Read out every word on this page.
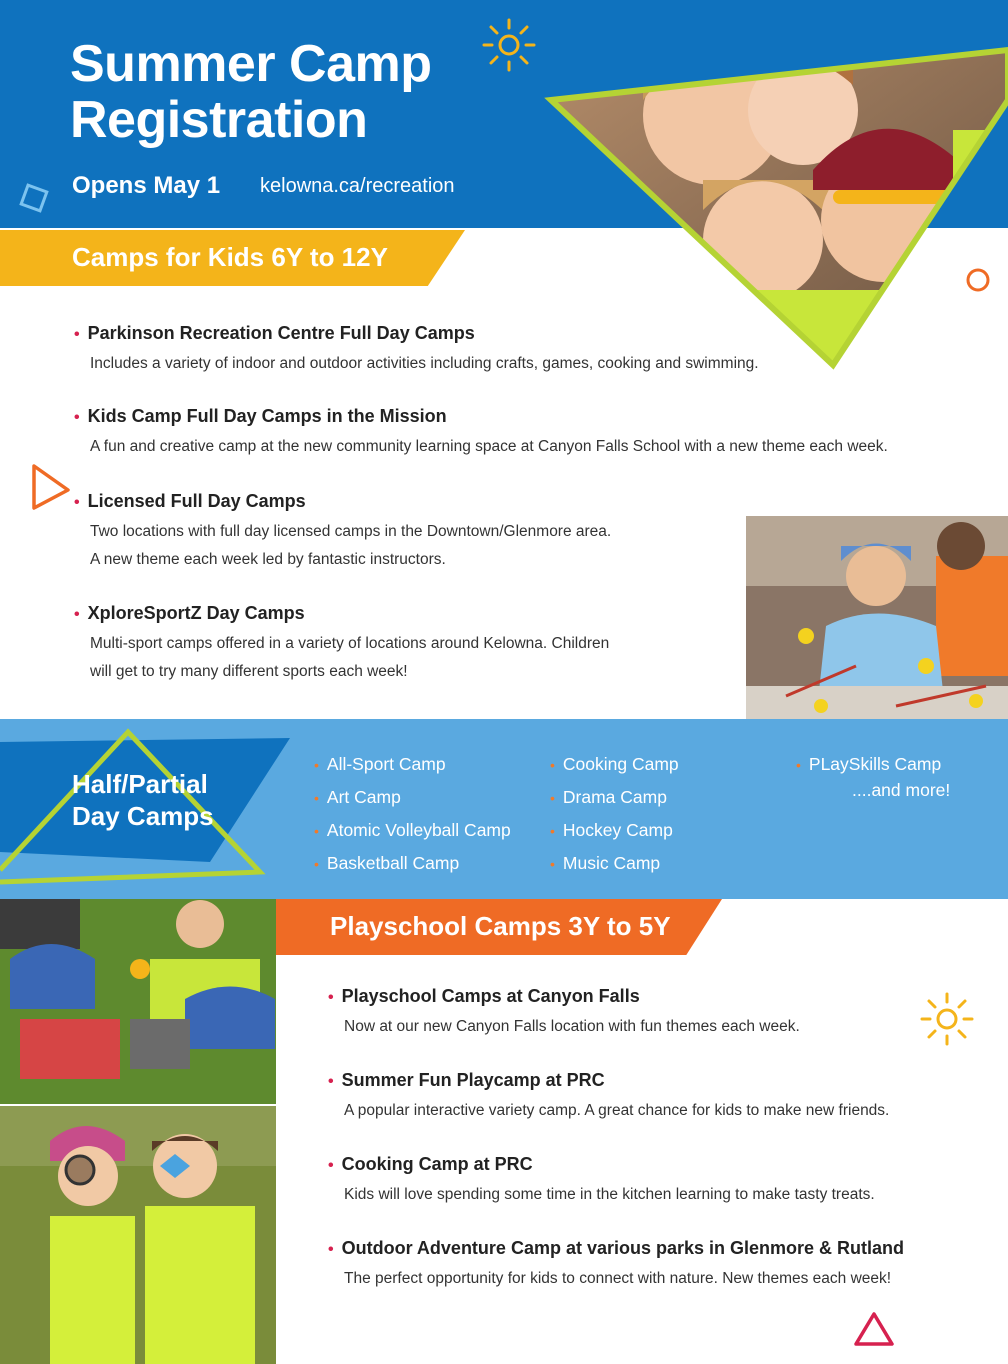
Summer Camp
Registration
Opens May 1 kelowna.ca/recreation
Camps for Kids 6Y to 12Y
• Parkinson Recreation Centre Full Day Camps
Includes a variety of indoor and outdoor activities including crafts, games, cooking and swimming.
• Kids Camp Full Day Camps in the Mission
A fun and creative camp at the new community learning space at Canyon Falls School with a new theme each week.
• Licensed Full Day Camps
Two locations with full day licensed camps in the Downtown/Glenmore area.
A new theme each week led by fantastic instructors.
• XploreSportZ Day Camps
Multi-sport camps offered in a variety of locations around Kelowna. Children
will get to try many different sports each week!
Half/Partial
Day Camps
• All-Sport Camp
• Art Camp
• Atomic Volleyball Camp
• Basketball Camp
• Cooking Camp
• Drama Camp
• Hockey Camp
• Music Camp
• PLaySkills Camp
....and more!
Playschool Camps 3Y to 5Y
• Playschool Camps at Canyon Falls
Now at our new Canyon Falls location with fun themes each week.
• Summer Fun Playcamp at PRC
A popular interactive variety camp. A great chance for kids to make new friends.
• Cooking Camp at PRC
Kids will love spending some time in the kitchen learning to make tasty treats.
• Outdoor Adventure Camp at various parks in Glenmore & Rutland
The perfect opportunity for kids to connect with nature. New themes each week!
